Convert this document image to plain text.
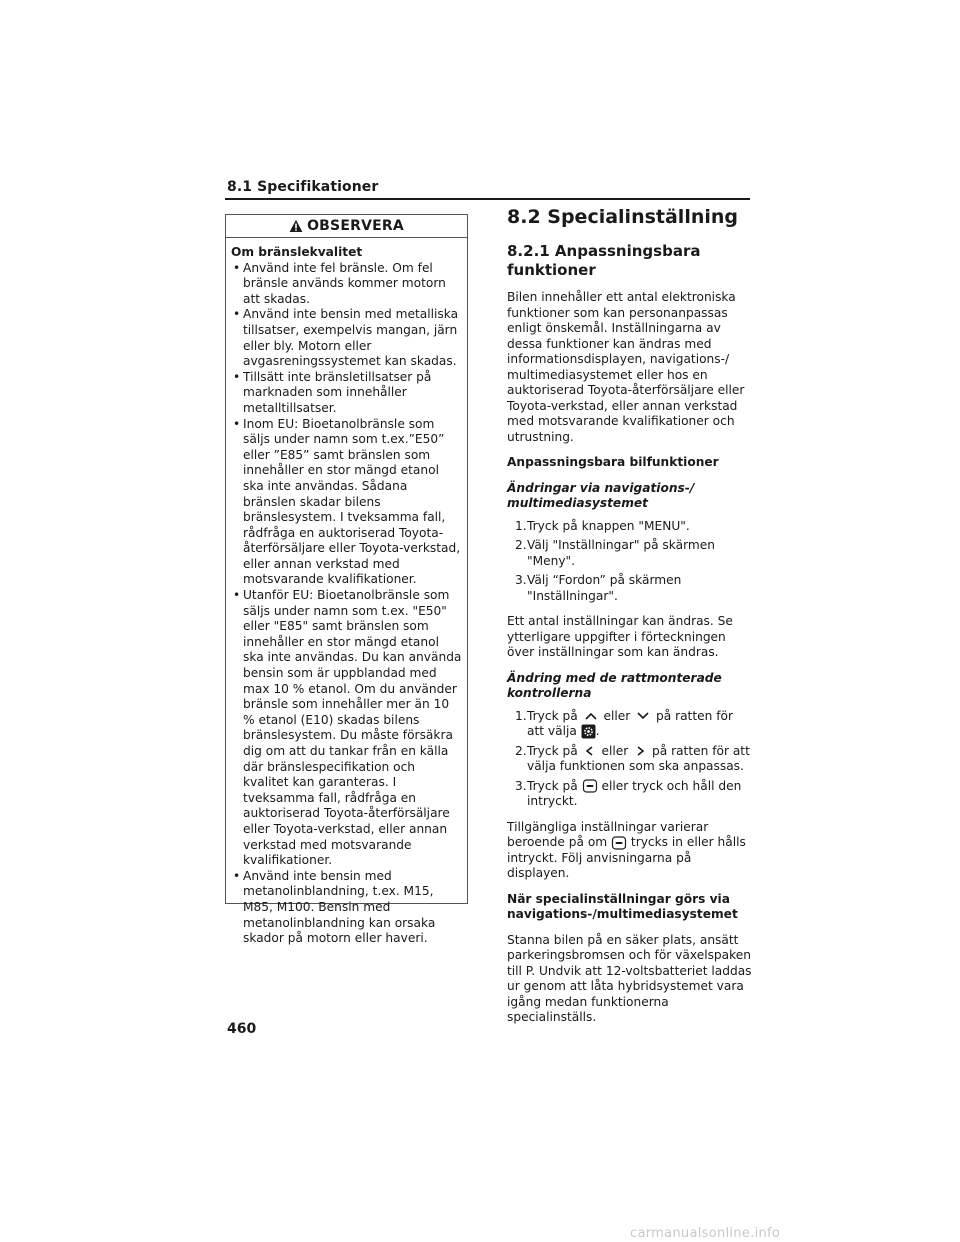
8.1 Specifikationer
OBSERVERA
Om bränslekvalitet
• Använd inte fel bränsle. Om fel bränsle används kommer motorn att skadas.
• Använd inte bensin med metalliska tillsatser, exempelvis mangan, järn eller bly. Motorn eller avgasreningssystemet kan skadas.
• Tillsätt inte bränsletillsatser på marknaden som innehåller metalltillsatser.
• Inom EU: Bioetanolbränsle som säljs under namn som t.ex.”E50” eller ”E85” samt bränslen som innehåller en stor mängd etanol ska inte användas. Sådana bränslen skadar bilens bränslesystem. I tveksamma fall, rådfråga en auktoriserad Toyota-återförsäljare eller Toyota-verkstad, eller annan verkstad med motsvarande kvalifikationer.
• Utanför EU: Bioetanolbränsle som säljs under namn som t.ex. "E50" eller "E85" samt bränslen som innehåller en stor mängd etanol ska inte användas. Du kan använda bensin som är uppblandad med max 10 % etanol. Om du använder bränsle som innehåller mer än 10 % etanol (E10) skadas bilens bränslesystem. Du måste försäkra dig om att du tankar från en källa där bränslespecifikation och kvalitet kan garanteras. I tveksamma fall, rådfråga en auktoriserad Toyota-återförsäljare eller Toyota-verkstad, eller annan verkstad med motsvarande kvalifikationer.
• Använd inte bensin med metanolinblandning, t.ex. M15, M85, M100. Bensin med metanolinblandning kan orsaka skador på motorn eller haveri.
8.2 Specialinställning
8.2.1 Anpassningsbara funktioner
Bilen innehåller ett antal elektroniska funktioner som kan personanpassas enligt önskemål. Inställningarna av dessa funktioner kan ändras med informationsdisplayen, navigations-/ multimediasystemet eller hos en auktoriserad Toyota-återförsäljare eller Toyota-verkstad, eller annan verkstad med motsvarande kvalifikationer och utrustning.
Anpassningsbara bilfunktioner
Ändringar via navigations-/ multimediasystemet
1. Tryck på knappen "MENU".
2. Välj "Inställningar" på skärmen "Meny".
3. Välj “Fordon” på skärmen "Inställningar".
Ett antal inställningar kan ändras. Se ytterligare uppgifter i förteckningen över inställningar som kan ändras.
Ändring med de rattmonterade kontrollerna
1. Tryck på eller på ratten för att välja .
2. Tryck på eller på ratten för att välja funktionen som ska anpassas.
3. Tryck på eller tryck och håll den intryckt.
Tillgängliga inställningar varierar beroende på om trycks in eller hålls intryckt. Följ anvisningarna på displayen.
När specialinställningar görs via navigations-/multimediasystemet
Stanna bilen på en säker plats, ansätt parkeringsbromsen och för växelspaken till P. Undvik att 12-voltsbatteriet laddas ur genom att låta hybridsystemet vara igång medan funktionerna specialinställs.
460
carmanualsonline.info
